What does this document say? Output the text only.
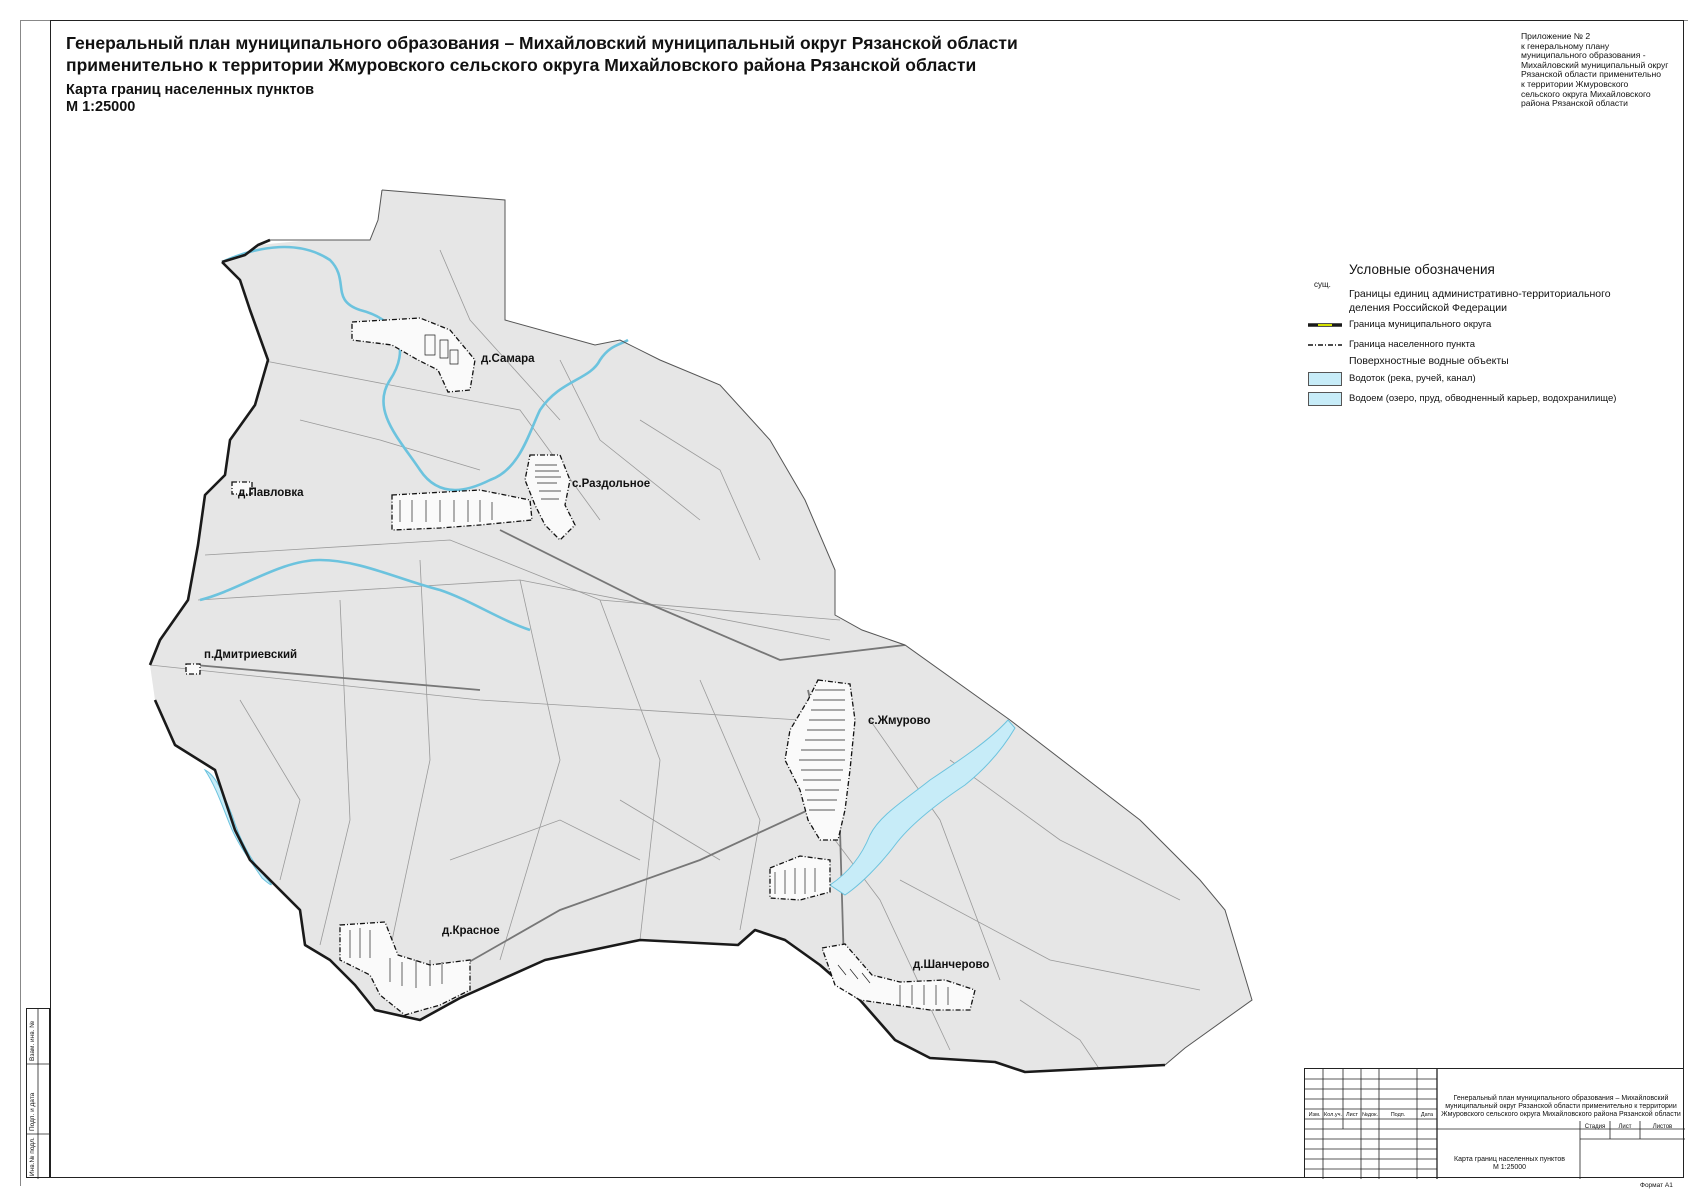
Генеральный план муниципального образования – Михайловский муниципальный округ Рязанской области
применительно к территории Жмуровского сельского округа Михайловского района Рязанской области
Карта границ населенных пунктов
М 1:25000
Приложение № 2
к генеральному плану
муниципального образования -
Михайловский муниципальный округ
Рязанской области применительно
к территории Жмуровского
сельского округа Михайловского
района Рязанской области
д.Самара
с.Раздольное
д.Павловка
п.Дмитриевский
с.Жмурово
д.Красное
д.Шанчерово
Условные обозначения
сущ.
Границы единиц административно-территориального
деления Российской Федерации
Граница муниципального округа
Граница населенного пункта
Поверхностные водные объекты
Водоток (река, ручей, канал)
Водоем (озеро, пруд, обводненный карьер, водохранилище)
Изм. Кол.уч. Лист №док.	Подп.	Дата
Генеральный план муниципального образования – Михайловский
муниципальный округ Рязанской области применительно к территории
Жмуровского сельского округа Михайловского района Рязанской области
Стадия	Лист	Листов
Карта границ населенных пунктов
М 1:25000
Формат А1
Взам. инв. №
Подп. и дата
Инв.№ подл.
